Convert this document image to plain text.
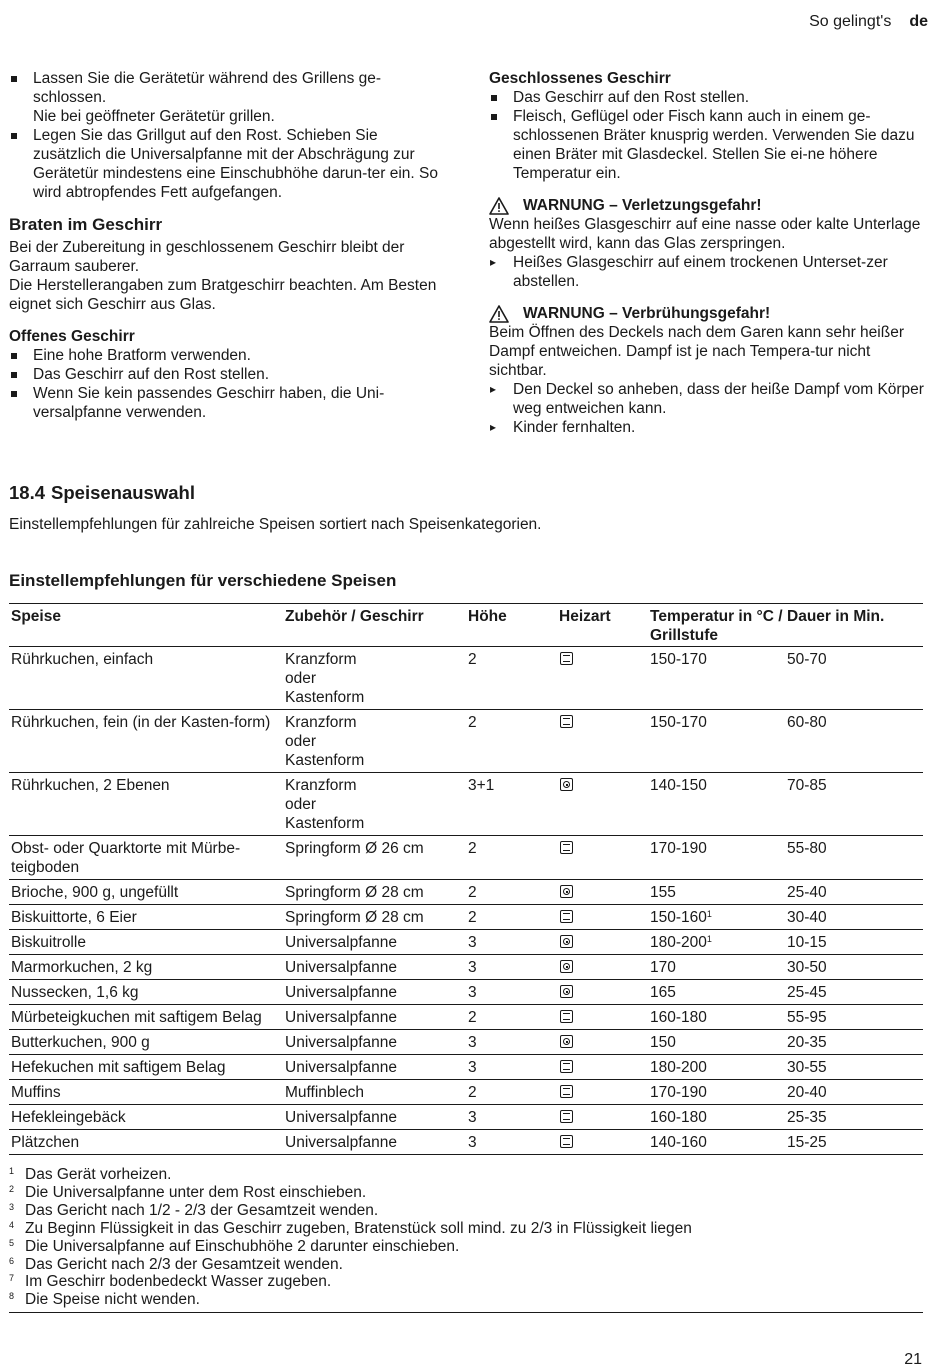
So gelingt's de
Lassen Sie die Gerätetür während des Grillens ge-schlossen.
Nie bei geöffneter Gerätetür grillen.
Legen Sie das Grillgut auf den Rost. Schieben Sie zusätzlich die Universalpfanne mit der Abschrägung zur Gerätetür mindestens eine Einschubhöhe darun-ter ein. So wird abtropfendes Fett aufgefangen.
Braten im Geschirr

Bei der Zubereitung in geschlossenem Geschirr bleibt der Garraum sauberer.

Die Herstellerangaben zum Bratgeschirr beachten. Am Besten eignet sich Geschirr aus Glas.

Offenes Geschirr
Eine hohe Bratform verwenden.
Das Geschirr auf den Rost stellen.
Wenn Sie kein passendes Geschirr haben, die Uni-versalpfanne verwenden.
Geschlossenes Geschirr
Das Geschirr auf den Rost stellen.
Fleisch, Geflügel oder Fisch kann auch in einem ge-schlossenen Bräter knusprig werden. Verwenden Sie dazu einen Bräter mit Glasdeckel. Stellen Sie ei-ne höhere Temperatur ein.
WARNUNG – Verletzungsgefahr!

Wenn heißes Glasgeschirr auf eine nasse oder kalte Unterlage abgestellt wird, kann das Glas zerspringen.

▸ Heißes Glasgeschirr auf einem trockenen Unterset-zer abstellen.
WARNUNG – Verbrühungsgefahr!

Beim Öffnen des Deckels nach dem Garen kann sehr heißer Dampf entweichen. Dampf ist je nach Tempera-tur nicht sichtbar.

▸ Den Deckel so anheben, dass der heiße Dampf vom Körper weg entweichen kann.
▸ Kinder fernhalten.
18.4 Speisenauswahl
Einstellempfehlungen für zahlreiche Speisen sortiert nach Speisenkategorien.
Einstellempfehlungen für verschiedene Speisen
Speise	Zubehör / Geschirr	Höhe	Heizart	Temperatur in °C / Grillstufe	Dauer in Min.
Rührkuchen, einfach	Kranzform
oder
Kastenform	2		150-170	50-70
Rührkuchen, fein (in der Kasten-form)	Kranzform
oder
Kastenform	2		150-170	60-80
Rührkuchen, 2 Ebenen	Kranzform
oder
Kastenform	3+1		140-150	70-85
Obst- oder Quarktorte mit Mürbe-teigboden	Springform Ø 26 cm	2		170-190	55-80
Brioche, 900 g, ungefüllt	Springform Ø 28 cm	2		155	25-40
Biskuittorte, 6 Eier	Springform Ø 28 cm	2		$150-160^1$	30-40
Biskuitrolle	Universalpfanne	3		$180-200^1$	10-15
Marmorkuchen, 2 kg	Universalpfanne	3		170	30-50
Nussecken, 1,6 kg	Universalpfanne	3		165	25-45
Mürbeteigkuchen mit saftigem Belag	Universalpfanne	2		160-180	55-95
Butterkuchen, 900 g	Universalpfanne	3		150	20-35
Hefekuchen mit saftigem Belag	Universalpfanne	3		180-200	30-55
Muffins	Muffinblech	2		170-190	20-40
Hefekleingebäck	Universalpfanne	3		160-180	25-35
Plätzchen	Universalpfanne	3		140-160	15-25
1 Das Gerät vorheizen.
2 Die Universalpfanne unter dem Rost einschieben.
3 Das Gericht nach 1/2 - 2/3 der Gesamtzeit wenden.
4 Zu Beginn Flüssigkeit in das Geschirr zugeben, Bratenstück soll mind. zu 2/3 in Flüssigkeit liegen
5 Die Universalpfanne auf Einschubhöhe 2 darunter einschieben.
6 Das Gericht nach 2/3 der Gesamtzeit wenden.
7 Im Geschirr bodenbedeckt Wasser zugeben.
8 Die Speise nicht wenden.
21
